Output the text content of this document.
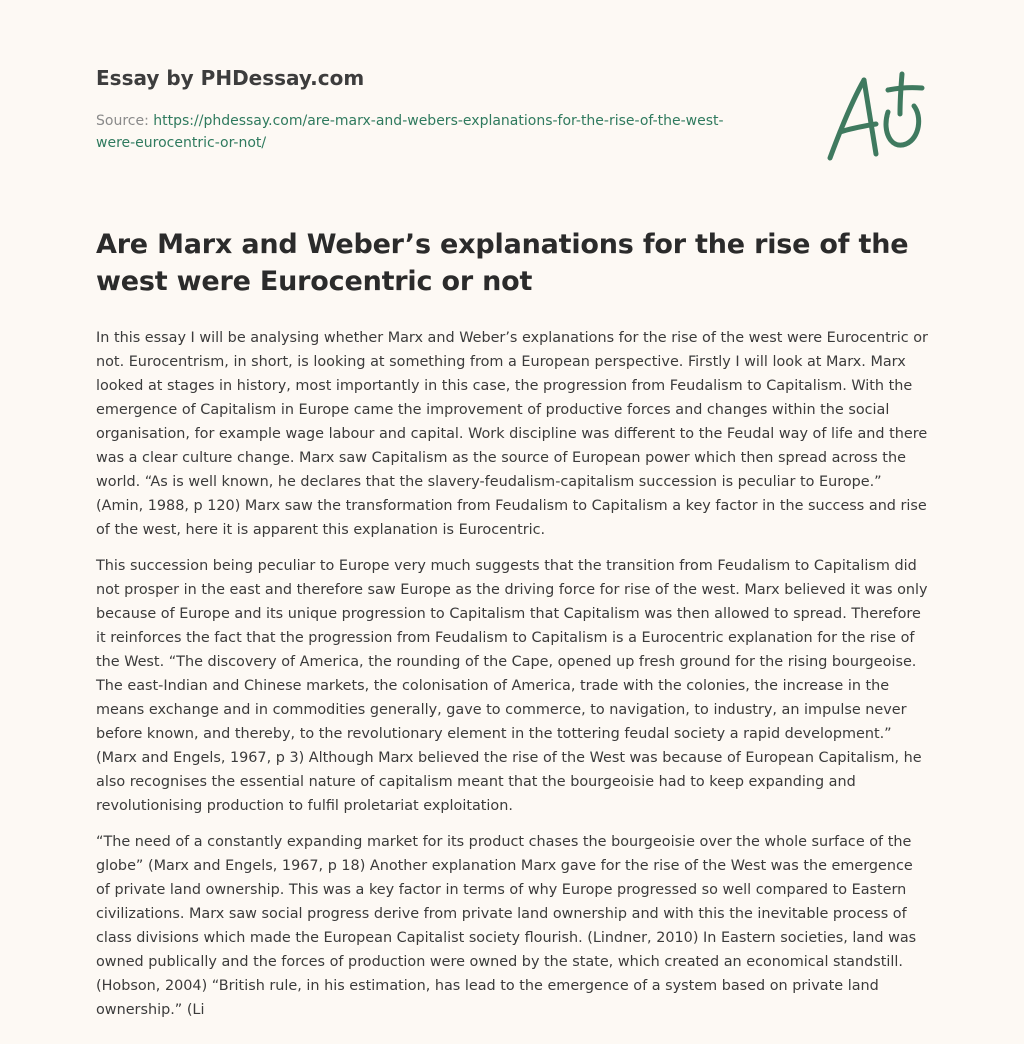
Essay by PHDessay.com
Source: https://phdessay.com/are-marx-and-webers-explanations-for-the-rise-of-the-west-were-eurocentric-or-not/
Are Marx and Weber’s explanations for the rise of the west were Eurocentric or not

In this essay I will be analysing whether Marx and Weber’s explanations for the rise of the west were Eurocentric or not. Eurocentrism, in short, is looking at something from a European perspective. Firstly I will look at Marx. Marx looked at stages in history, most importantly in this case, the progression from Feudalism to Capitalism. With the emergence of Capitalism in Europe came the improvement of productive forces and changes within the social organisation, for example wage labour and capital. Work discipline was different to the Feudal way of life and there was a clear culture change. Marx saw Capitalism as the source of European power which then spread across the world. “As is well known, he declares that the slavery-feudalism-capitalism succession is peculiar to Europe.” (Amin, 1988, p 120) Marx saw the transformation from Feudalism to Capitalism a key factor in the success and rise of the west, here it is apparent this explanation is Eurocentric.

This succession being peculiar to Europe very much suggests that the transition from Feudalism to Capitalism did not prosper in the east and therefore saw Europe as the driving force for rise of the west. Marx believed it was only because of Europe and its unique progression to Capitalism that Capitalism was then allowed to spread. Therefore it reinforces the fact that the progression from Feudalism to Capitalism is a Eurocentric explanation for the rise of the West. “The discovery of America, the rounding of the Cape, opened up fresh ground for the rising bourgeoise. The east-Indian and Chinese markets, the colonisation of America, trade with the colonies, the increase in the means exchange and in commodities generally, gave to commerce, to navigation, to industry, an impulse never before known, and thereby, to the revolutionary element in the tottering feudal society a rapid development.” (Marx and Engels, 1967, p 3) Although Marx believed the rise of the West was because of European Capitalism, he also recognises the essential nature of capitalism meant that the bourgeoisie had to keep expanding and revolutionising production to fulfil proletariat exploitation.

“The need of a constantly expanding market for its product chases the bourgeoisie over the whole surface of the globe” (Marx and Engels, 1967, p 18) Another explanation Marx gave for the rise of the West was the emergence of private land ownership. This was a key factor in terms of why Europe progressed so well compared to Eastern civilizations. Marx saw social progress derive from private land ownership and with this the inevitable process of class divisions which made the European Capitalist society flourish. (Lindner, 2010) In Eastern societies, land was owned publically and the forces of production were owned by the state, which created an economical standstill. (Hobson, 2004) “British rule, in his estimation, has lead to the emergence of a system based on private land ownership.” (Li
